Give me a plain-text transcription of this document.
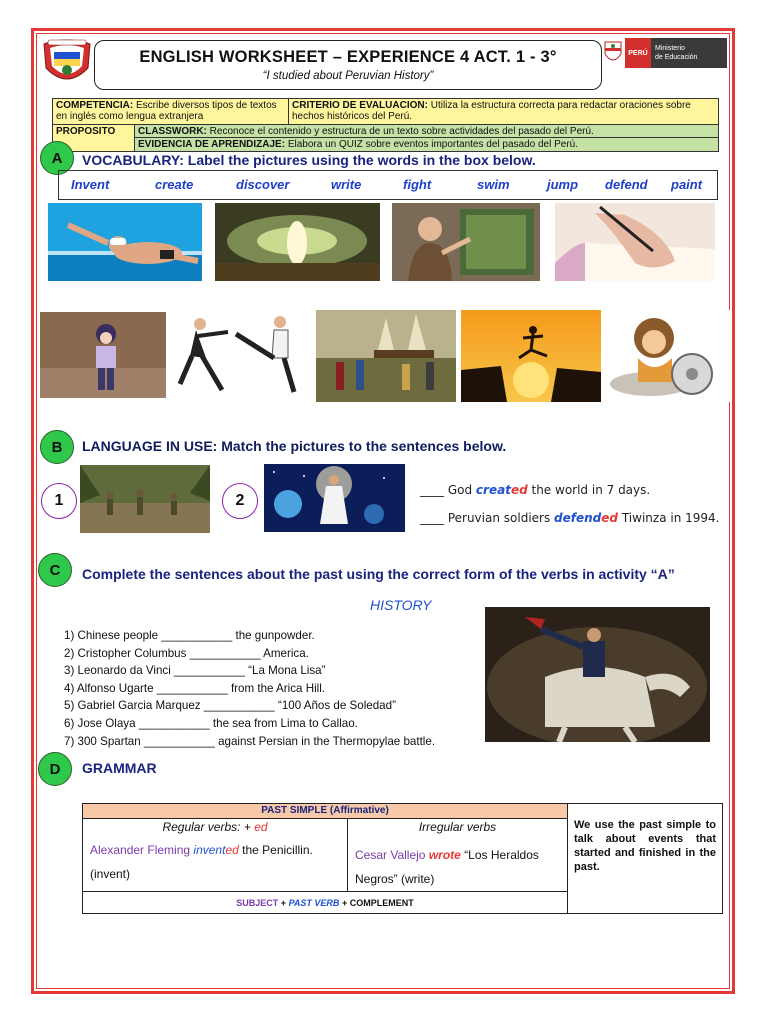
ENGLISH WORKSHEET – EXPERIENCE 4 ACT. 1 - 3°
“I studied about Peruvian History”
PERÚ
Ministerio
de Educación
COMPETENCIA: Escribe diversos tipos de textos en inglés como lengua extranjera
CRITERIO DE EVALUACION: Utiliza la estructura correcta para redactar oraciones sobre hechos históricos del Perú.
PROPOSITO	CLASSWORK: Reconoce el contenido y estructura de un texto sobre actividades del pasado del Perú.
EVIDENCIA DE APRENDIZAJE: Elabora un QUIZ sobre eventos importantes del pasado del Perú.
A	VOCABULARY: Label the pictures using the words in the box below.
Invent	create	discover	write	fight	swim	jump defend paint
B	LANGUAGE IN USE: Match the pictures to the sentences below.
1	2
____ God created the world in 7 days.
____ Peruvian soldiers defended Tiwinza in 1994.
C	Complete the sentences about the past using the correct form of the verbs in activity “A”
HISTORY
1) Chinese people ___________ the gunpowder.
2) Cristopher Columbus ___________ America.
3) Leonardo da Vinci ___________ “La Mona Lisa”
4) Alfonso Ugarte ___________ from the Arica Hill.
5) Gabriel Garcia Marquez ___________ “100 Años de Soledad”
6) Jose Olaya ___________ the sea from Lima to Callao.
7) 300 Spartan ___________ against Persian in the Thermopylae battle.
D	GRAMMAR
PAST SIMPLE (Affirmative)
Regular verbs: + ed
Alexander Fleming invented the Penicillin.
(invent)
Irregular verbs
Cesar Vallejo wrote “Los Heraldos
Negros” (write)
SUBJECT + PAST VERB + COMPLEMENT
We use the past simple to talk about events that started and finished in the past.
